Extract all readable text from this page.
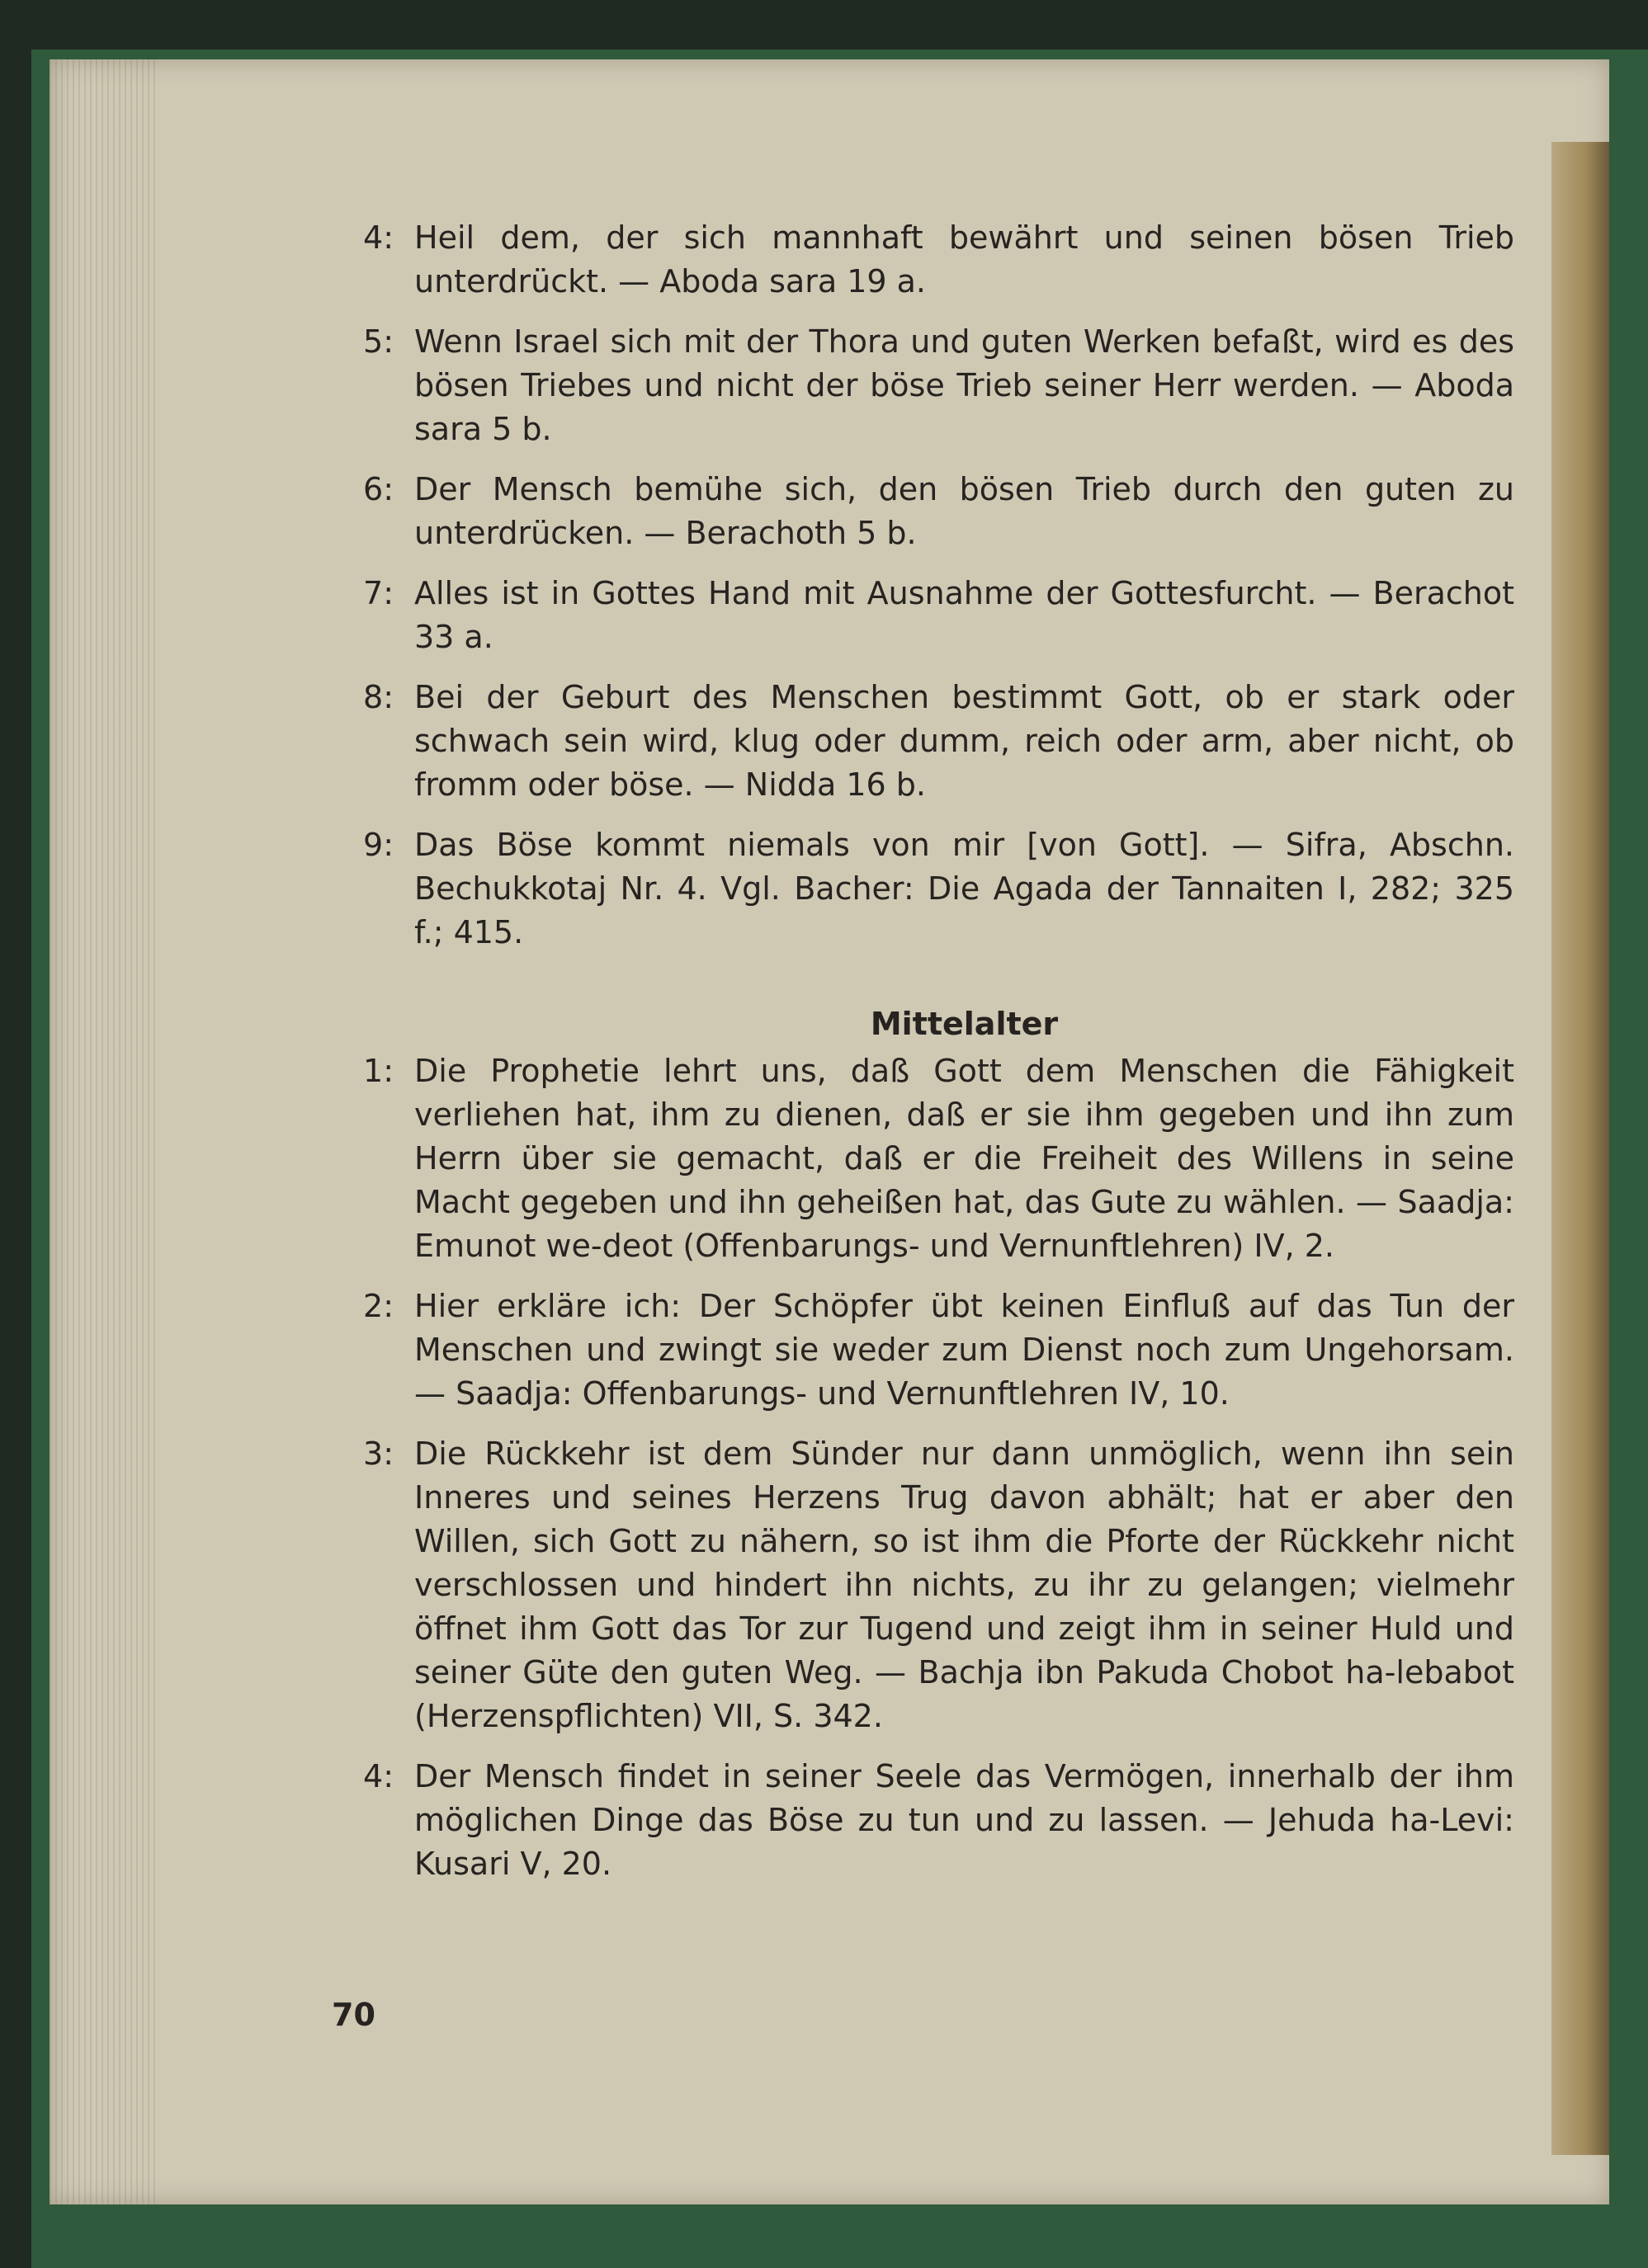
4: Heil dem, der sich mannhaft bewährt und seinen bösen Trieb unterdrückt. — Aboda sara 19 a.
5: Wenn Israel sich mit der Thora und guten Werken befaßt, wird es des bösen Triebes und nicht der böse Trieb seiner Herr werden. — Aboda sara 5 b.
6: Der Mensch bemühe sich, den bösen Trieb durch den guten zu unterdrücken. — Berachoth 5 b.
7: Alles ist in Gottes Hand mit Ausnahme der Gottesfurcht. — Berachot 33 a.
8: Bei der Geburt des Menschen bestimmt Gott, ob er stark oder schwach sein wird, klug oder dumm, reich oder arm, aber nicht, ob fromm oder böse. — Nidda 16 b.
9: Das Böse kommt niemals von mir [von Gott]. — Sifra, Abschn. Bechukkotaj Nr. 4. Vgl. Bacher: Die Agada der Tannaiten I, 282; 325 f.; 415.
Mittelalter
1: Die Prophetie lehrt uns, daß Gott dem Menschen die Fähigkeit verliehen hat, ihm zu dienen, daß er sie ihm gegeben und ihn zum Herrn über sie gemacht, daß er die Freiheit des Willens in seine Macht gegeben und ihn geheißen hat, das Gute zu wählen. — Saadja: Emunot we-deot (Offenbarungs- und Vernunftlehren) IV, 2.
2: Hier erkläre ich: Der Schöpfer übt keinen Einfluß auf das Tun der Menschen und zwingt sie weder zum Dienst noch zum Ungehorsam. — Saadja: Offenbarungs- und Vernunftlehren IV, 10.
3: Die Rückkehr ist dem Sünder nur dann unmöglich, wenn ihn sein Inneres und seines Herzens Trug davon abhält; hat er aber den Willen, sich Gott zu nähern, so ist ihm die Pforte der Rückkehr nicht verschlossen und hindert ihn nichts, zu ihr zu gelangen; vielmehr öffnet ihm Gott das Tor zur Tugend und zeigt ihm in seiner Huld und seiner Güte den guten Weg. — Bachja ibn Pakuda Chobot ha-lebabot (Herzenspflichten) VII, S. 342.
4: Der Mensch findet in seiner Seele das Vermögen, innerhalb der ihm möglichen Dinge das Böse zu tun und zu lassen. — Jehuda ha-Levi: Kusari V, 20.
70
